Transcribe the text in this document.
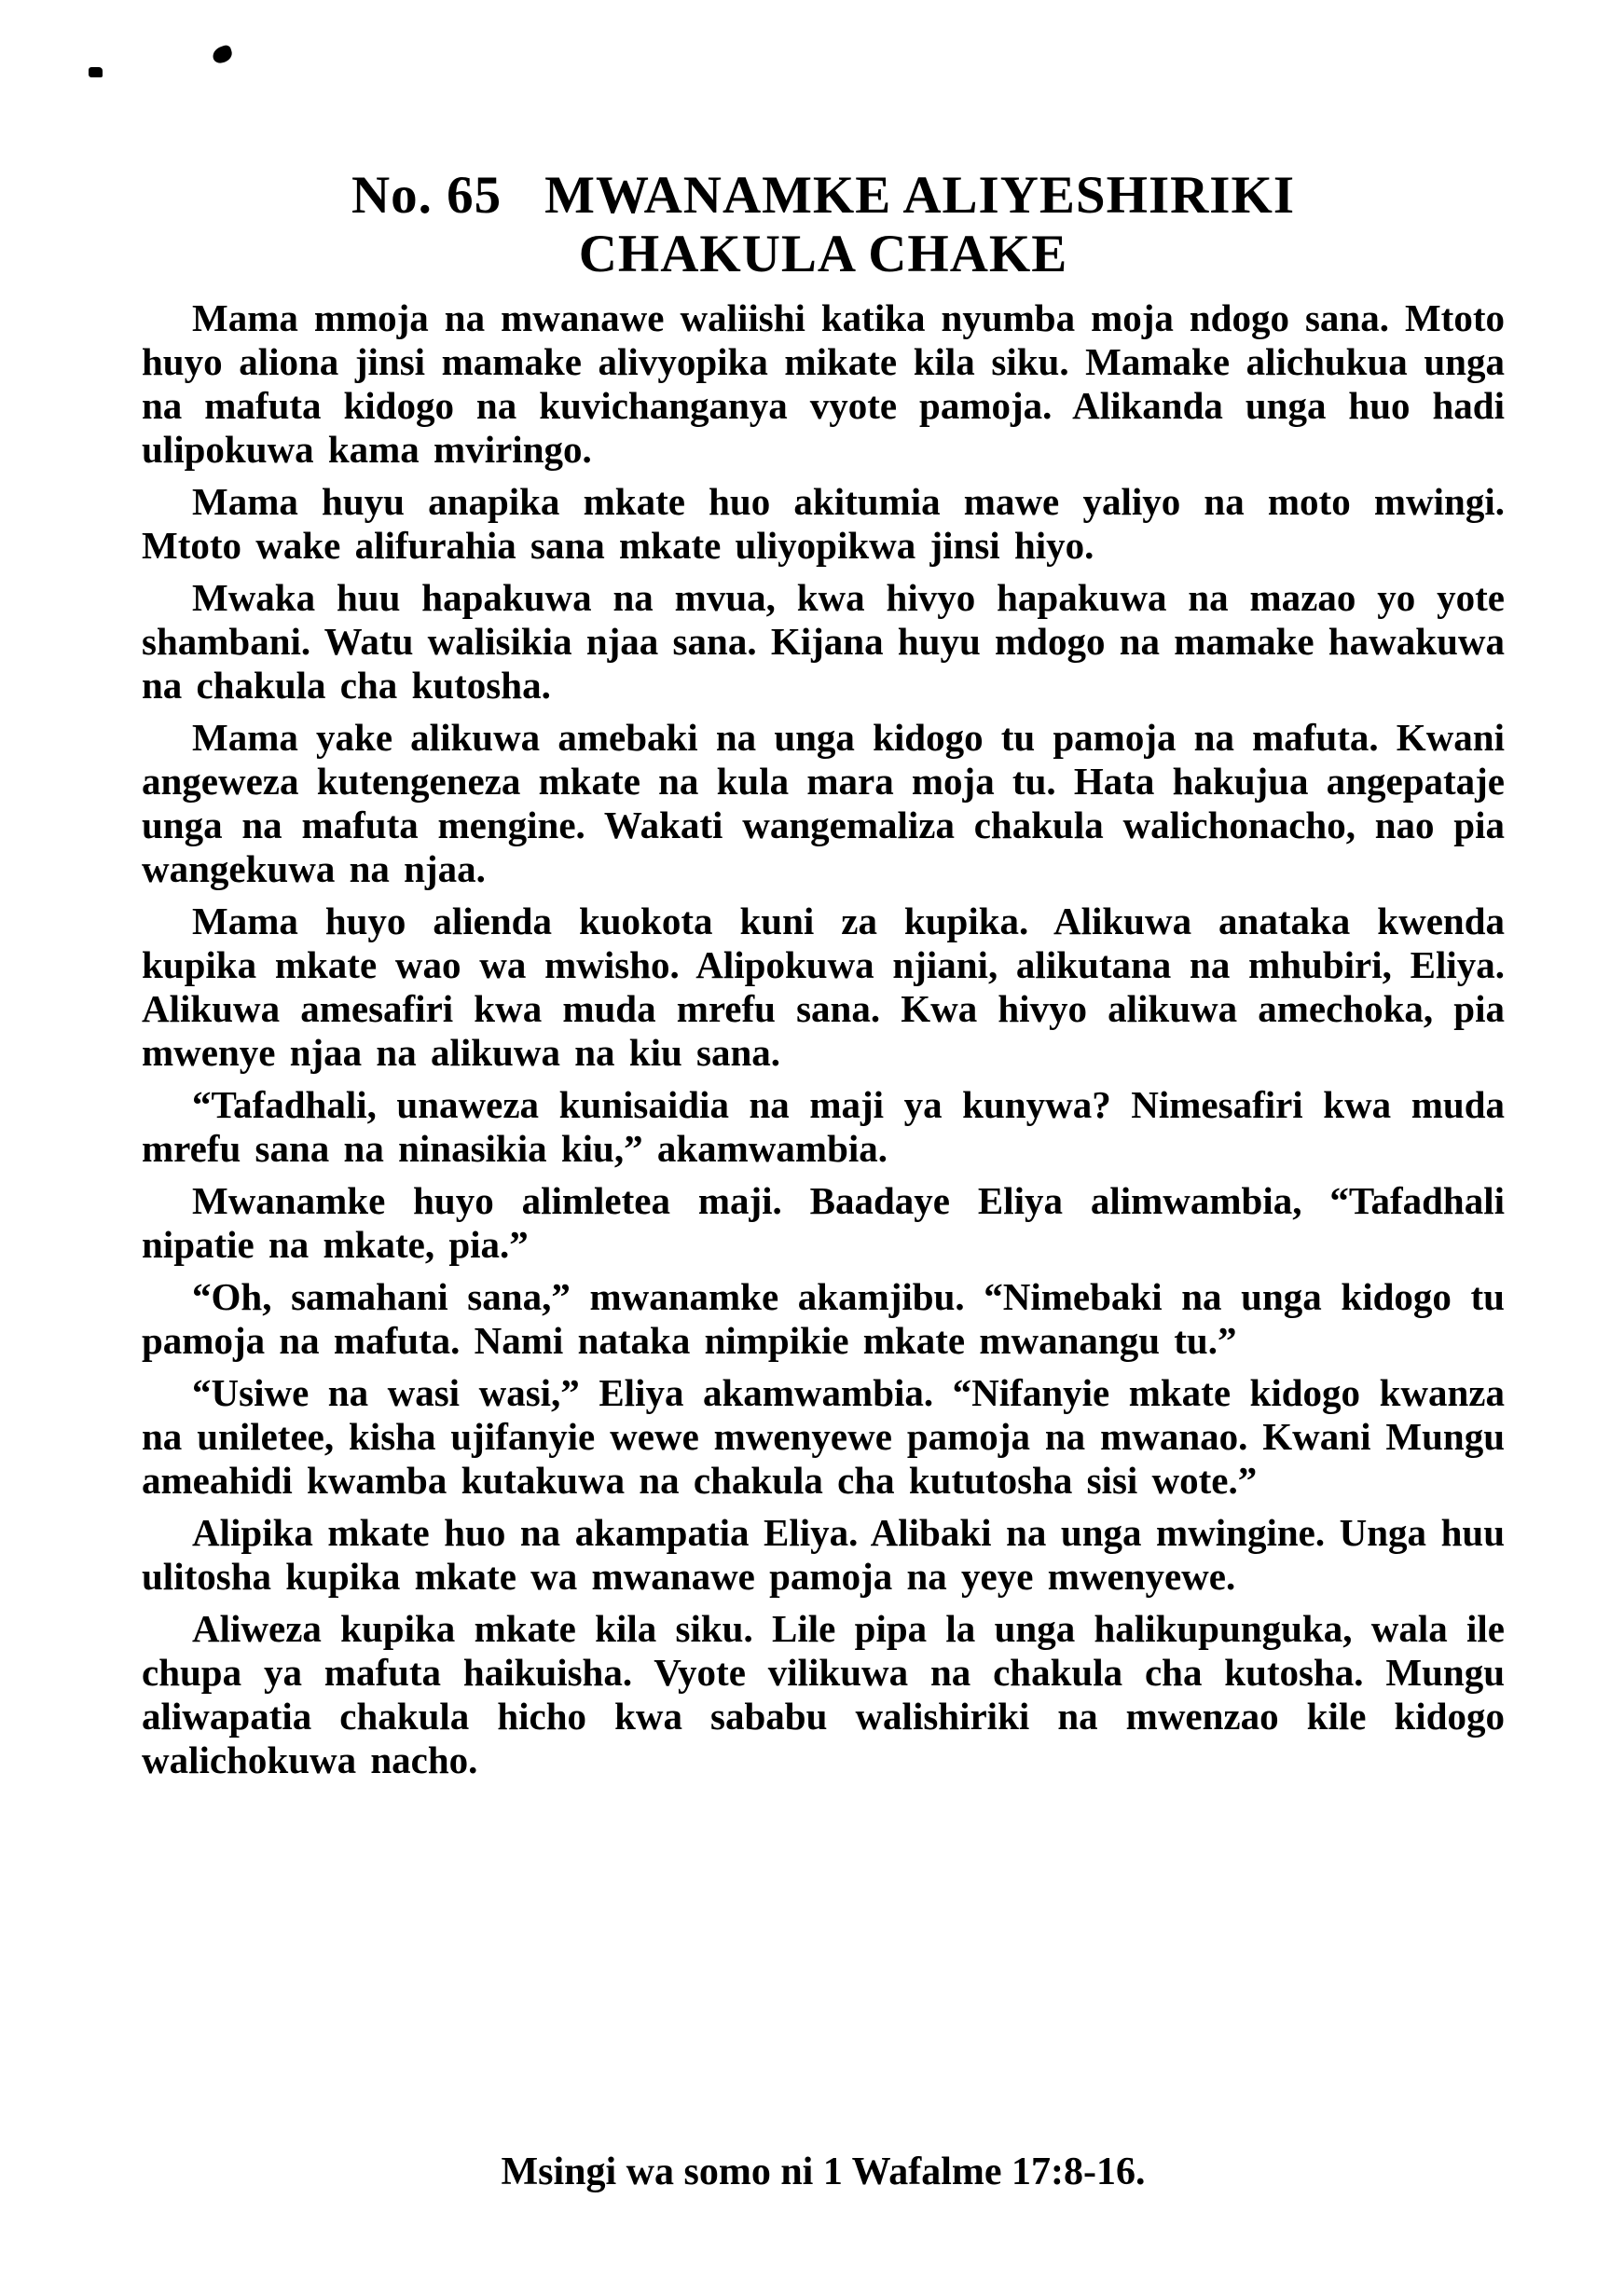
No. 65 MWANAMKE ALIYESHIRIKI
CHAKULA CHAKE

Mama mmoja na mwanawe waliishi katika nyumba moja ndogo sana. Mtoto huyo aliona jinsi mamake alivyopika mikate kila siku. Mamake alichukua unga na mafuta kidogo na kuvichanganya vyote pamoja. Alikanda unga huo hadi ulipokuwa kama mviringo.

Mama huyu anapika mkate huo akitumia mawe yaliyo na moto mwingi. Mtoto wake alifurahia sana mkate uliyopikwa jinsi hiyo.

Mwaka huu hapakuwa na mvua, kwa hivyo hapakuwa na mazao yo yote shambani. Watu walisikia njaa sana. Kijana huyu mdogo na mamake hawakuwa na chakula cha kutosha.

Mama yake alikuwa amebaki na unga kidogo tu pamoja na mafuta. Kwani angeweza kutengeneza mkate na kula mara moja tu. Hata hakujua angepataje unga na mafuta mengine. Wakati wangemaliza chakula walichonacho, nao pia wangekuwa na njaa.

Mama huyo alienda kuokota kuni za kupika. Alikuwa anataka kwenda kupika mkate wao wa mwisho. Alipokuwa njiani, alikutana na mhubiri, Eliya. Alikuwa amesafiri kwa muda mrefu sana. Kwa hivyo alikuwa amechoka, pia mwenye njaa na alikuwa na kiu sana.

“Tafadhali, unaweza kunisaidia na maji ya kunywa? Nimesafiri kwa muda mrefu sana na ninasikia kiu,” akamwambia.

Mwanamke huyo alimletea maji. Baadaye Eliya alimwambia, “Tafadhali nipatie na mkate, pia.”

“Oh, samahani sana,” mwanamke akamjibu. “Nimebaki na unga kidogo tu pamoja na mafuta. Nami nataka nimpikie mkate mwanangu tu.”

“Usiwe na wasi wasi,” Eliya akamwambia. “Nifanyie mkate kidogo kwanza na uniletee, kisha ujifanyie wewe mwenyewe pamoja na mwanao. Kwani Mungu ameahidi kwamba kutakuwa na chakula cha kututosha sisi wote.”

Alipika mkate huo na akampatia Eliya. Alibaki na unga mwingine. Unga huu ulitosha kupika mkate wa mwanawe pamoja na yeye mwenyewe.

Aliweza kupika mkate kila siku. Lile pipa la unga halikupunguka, wala ile chupa ya mafuta haikuisha. Vyote vilikuwa na chakula cha kutosha. Mungu aliwapatia chakula hicho kwa sababu walishiriki na mwenzao kile kidogo walichokuwa nacho.

Msingi wa somo ni 1 Wafalme 17:8-16.
